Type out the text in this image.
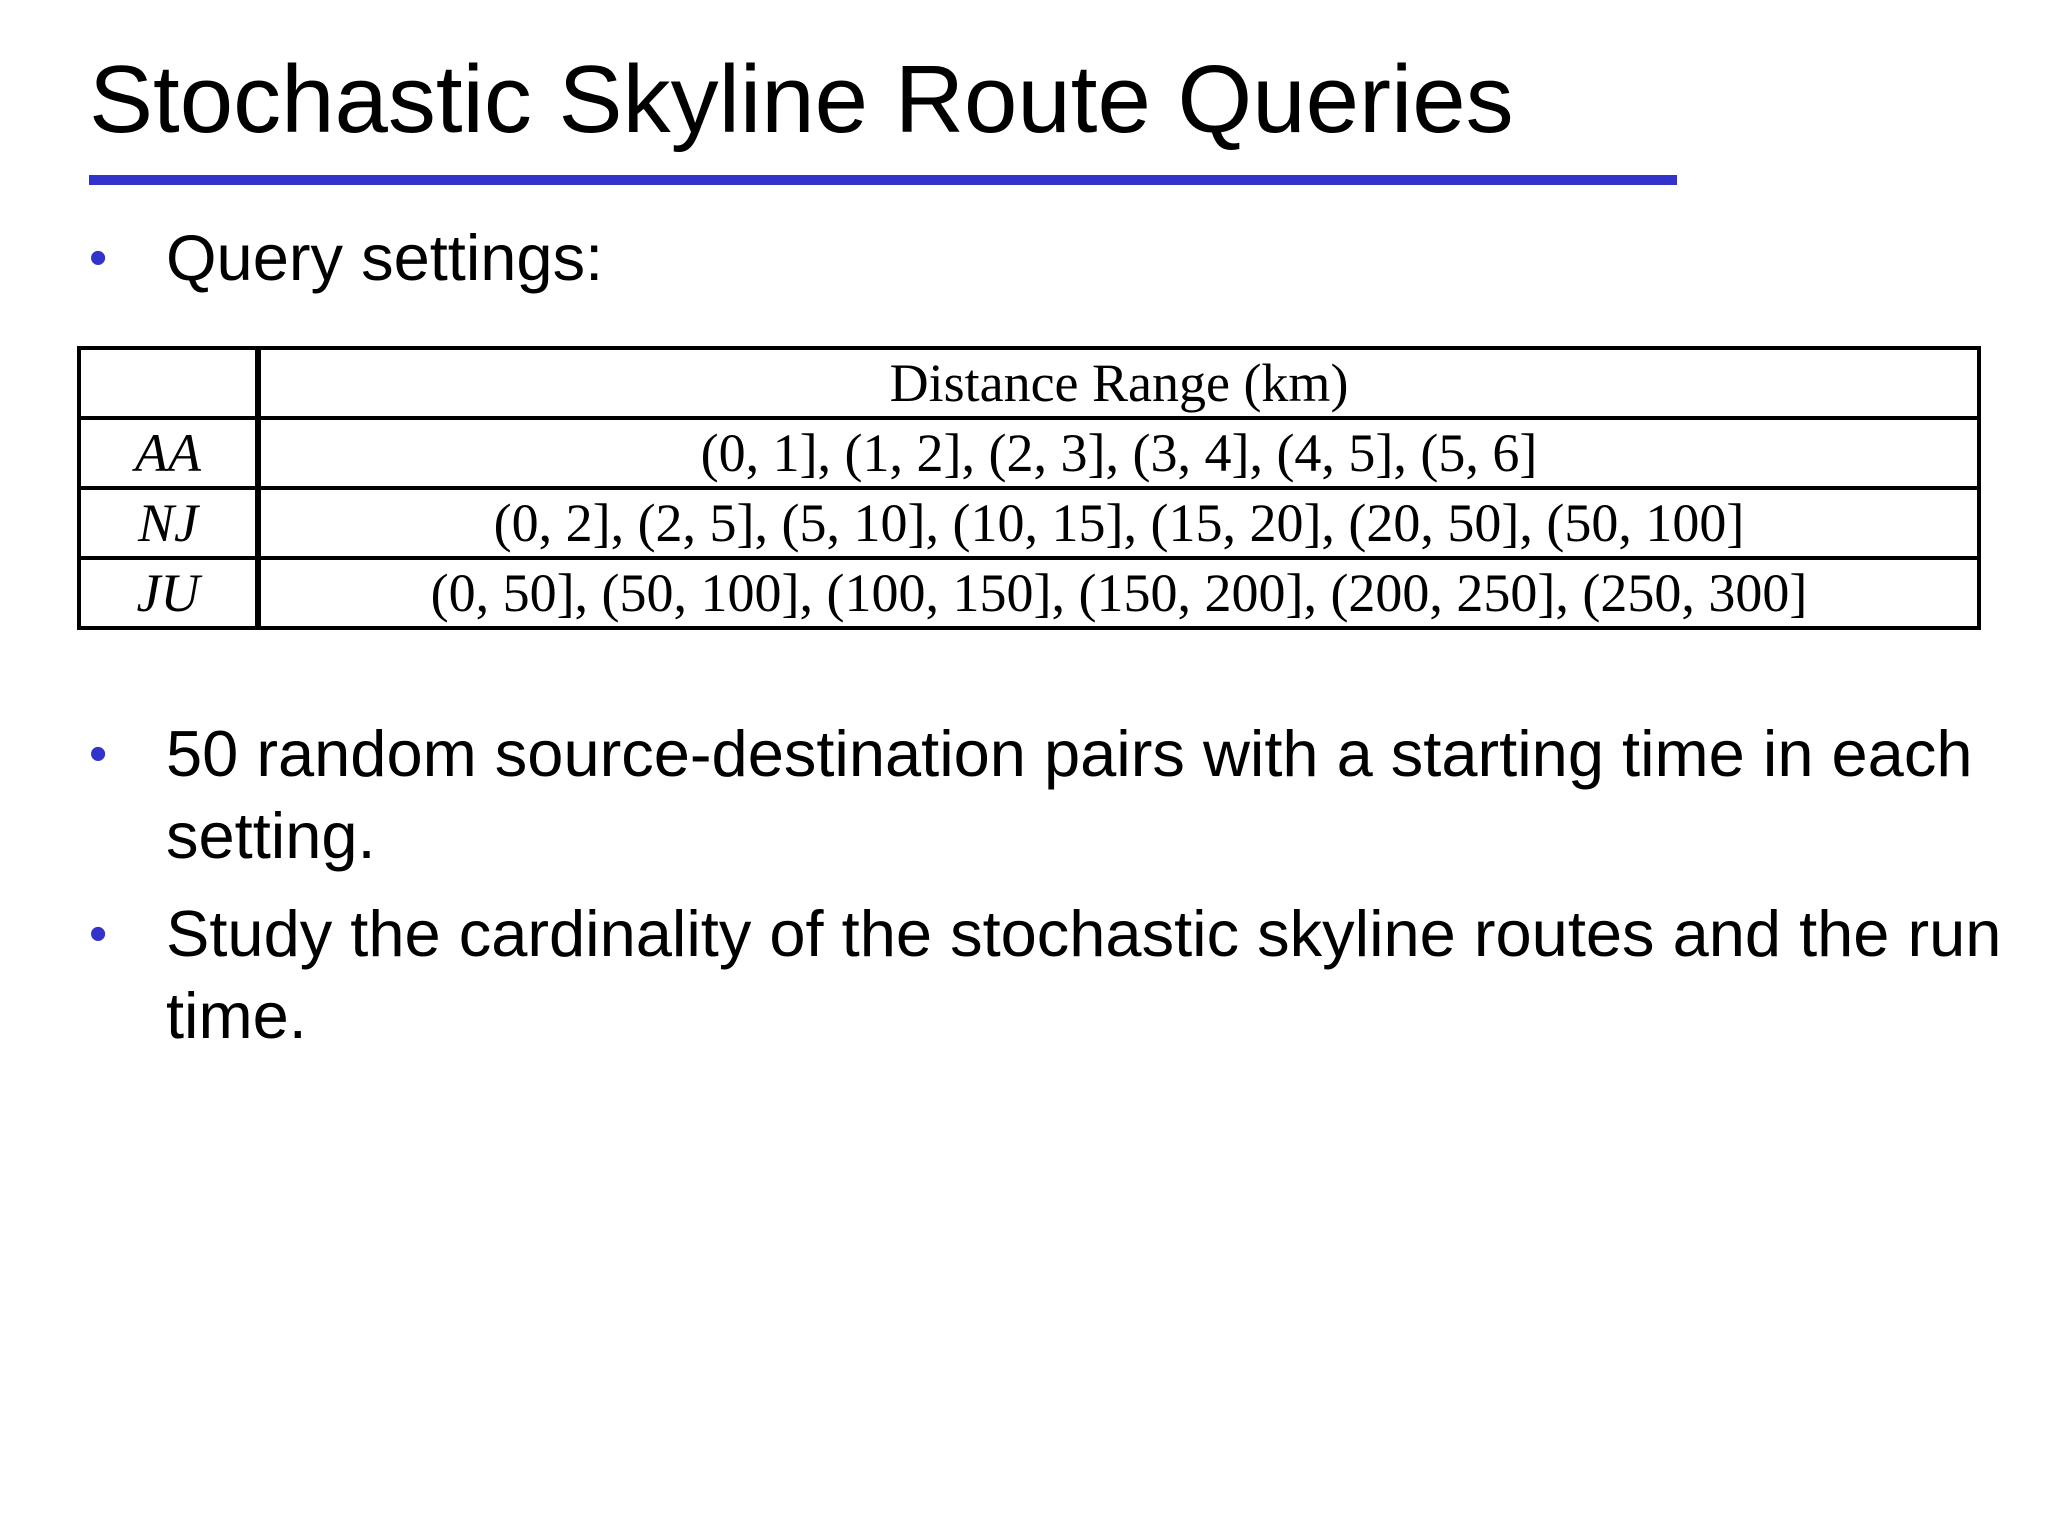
Stochastic Skyline Route Queries
• Query settings:
	Distance Range (km)
AA	(0, 1], (1, 2], (2, 3], (3, 4], (4, 5], (5, 6]
NJ	(0, 2], (2, 5], (5, 10], (10, 15], (15, 20], (20, 50], (50, 100]
JU	(0, 50], (50, 100], (100, 150], (150, 200], (200, 250], (250, 300]
• 50 random source-destination pairs with a starting time in each setting.
• Study the cardinality of the stochastic skyline routes and the run time.
